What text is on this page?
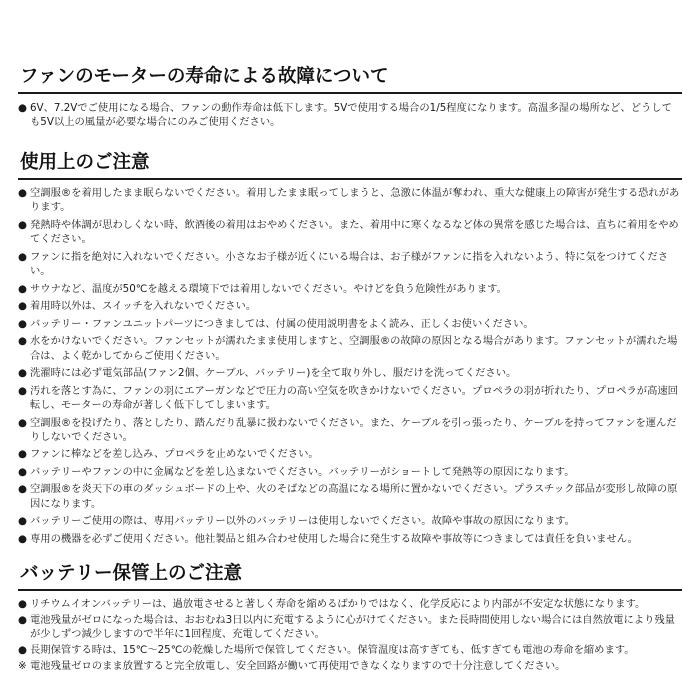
ファンのモーターの寿命による故障について
● 6V、7.2Vでご使用になる場合、ファンの動作寿命は低下します。5Vで使用する場合の1/5程度になります。高温多湿の場所など、どうしても5V以上の風量が必要な場合にのみご使用ください。
使用上のご注意
● 空調服®を着用したまま眠らないでください。着用したまま眠ってしまうと、急激に体温が奪われ、重大な健康上の障害が発生する恐れがあります。
● 発熱時や体調が思わしくない時、飲酒後の着用はおやめください。また、着用中に寒くなるなど体の異常を感じた場合は、直ちに着用をやめてください。
● ファンに指を絶対に入れないでください。小さなお子様が近くにいる場合は、お子様がファンに指を入れないよう、特に気をつけてください。
● サウナなど、温度が50℃を越える環境下では着用しないでください。やけどを負う危険性があります。
● 着用時以外は、スイッチを入れないでください。
● バッテリー・ファンユニットパーツにつきましては、付属の使用説明書をよく読み、正しくお使いください。
● 水をかけないでください。ファンセットが濡れたまま使用しますと、空調服®の故障の原因となる場合があります。ファンセットが濡れた場合は、よく乾かしてからご使用ください。
● 洗濯時には必ず電気部品(ファン2個、ケーブル、バッテリー)を全て取り外し、服だけを洗ってください。
● 汚れを落とす為に、ファンの羽にエアーガンなどで圧力の高い空気を吹きかけないでください。プロペラの羽が折れたり、プロペラが高速回転し、モーターの寿命が著しく低下してしまいます。
● 空調服®を投げたり、落としたり、踏んだり乱暴に扱わないでください。また、ケーブルを引っ張ったり、ケーブルを持ってファンを運んだりしないでください。
● ファンに棒などを差し込み、プロペラを止めないでください。
● バッテリーやファンの中に金属などを差し込まないでください。バッテリーがショートして発熱等の原因になります。
● 空調服®を炎天下の車のダッシュボードの上や、火のそばなどの高温になる場所に置かないでください。プラスチック部品が変形し故障の原因になります。
● バッテリーご使用の際は、専用バッテリー以外のバッテリーは使用しないでください。故障や事故の原因になります。
● 専用の機器を必ずご使用ください。他社製品と組み合わせ使用した場合に発生する故障や事故等につきましては責任を負いません。
バッテリー保管上のご注意
● リチウムイオンバッテリーは、過放電させると著しく寿命を縮めるばかりではなく、化学反応により内部が不安定な状態になります。
● 電池残量がゼロになった場合は、おおむね3日以内に充電するように心がけてください。また長時間使用しない場合には自然放電により残量が少しずつ減少しますので半年に1回程度、充電してください。
● 長期保管する時は、15℃〜25℃の乾燥した場所で保管してください。保管温度は高すぎても、低すぎても電池の寿命を縮めます。
※ 電池残量ゼロのまま放置すると完全放電し、安全回路が働いて再使用できなくなりますので十分注意してください。
